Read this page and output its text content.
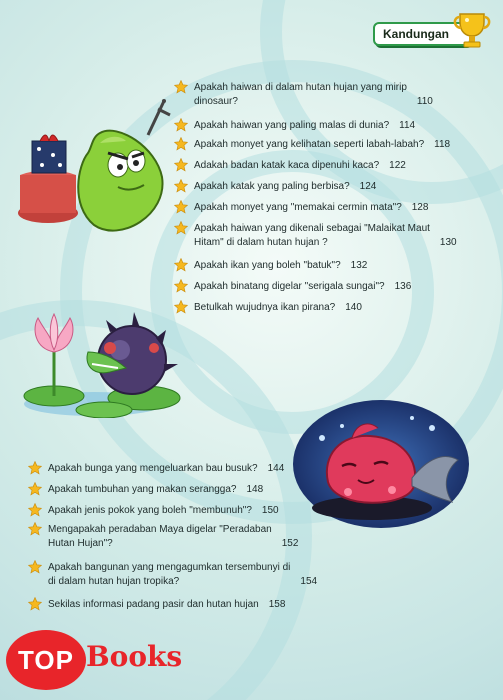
Kandungan
Apakah haiwan di dalam hutan hujan yang mirip
dinosaur?	110
Apakah haiwan yang paling malas di dunia? 114
Apakah monyet yang kelihatan seperti labah-labah? 118
Adakah badan katak kaca dipenuhi kaca? 122
Apakah katak yang paling berbisa? 124
Apakah monyet yang "memakai cermin mata"? 128
Apakah haiwan yang dikenali sebagai "Malaikat Maut
Hitam" di dalam hutan hujan ?	130
Apakah ikan yang boleh "batuk"? 132
Apakah binatang digelar "serigala sungai"? 136
Betulkah wujudnya ikan pirana? 140
Apakah bunga yang mengeluarkan bau busuk? 144
Apakah tumbuhan yang makan serangga? 148
Apakah jenis pokok yang boleh "membunuh"? 150
Mengapakah peradaban Maya digelar "Peradaban
Hutan Hujan"?	152
Apakah bangunan yang mengagumkan tersembunyi di
di dalam hutan hujan tropika?	154
Sekilas informasi padang pasir dan hutan hujan 158
TOP Books
